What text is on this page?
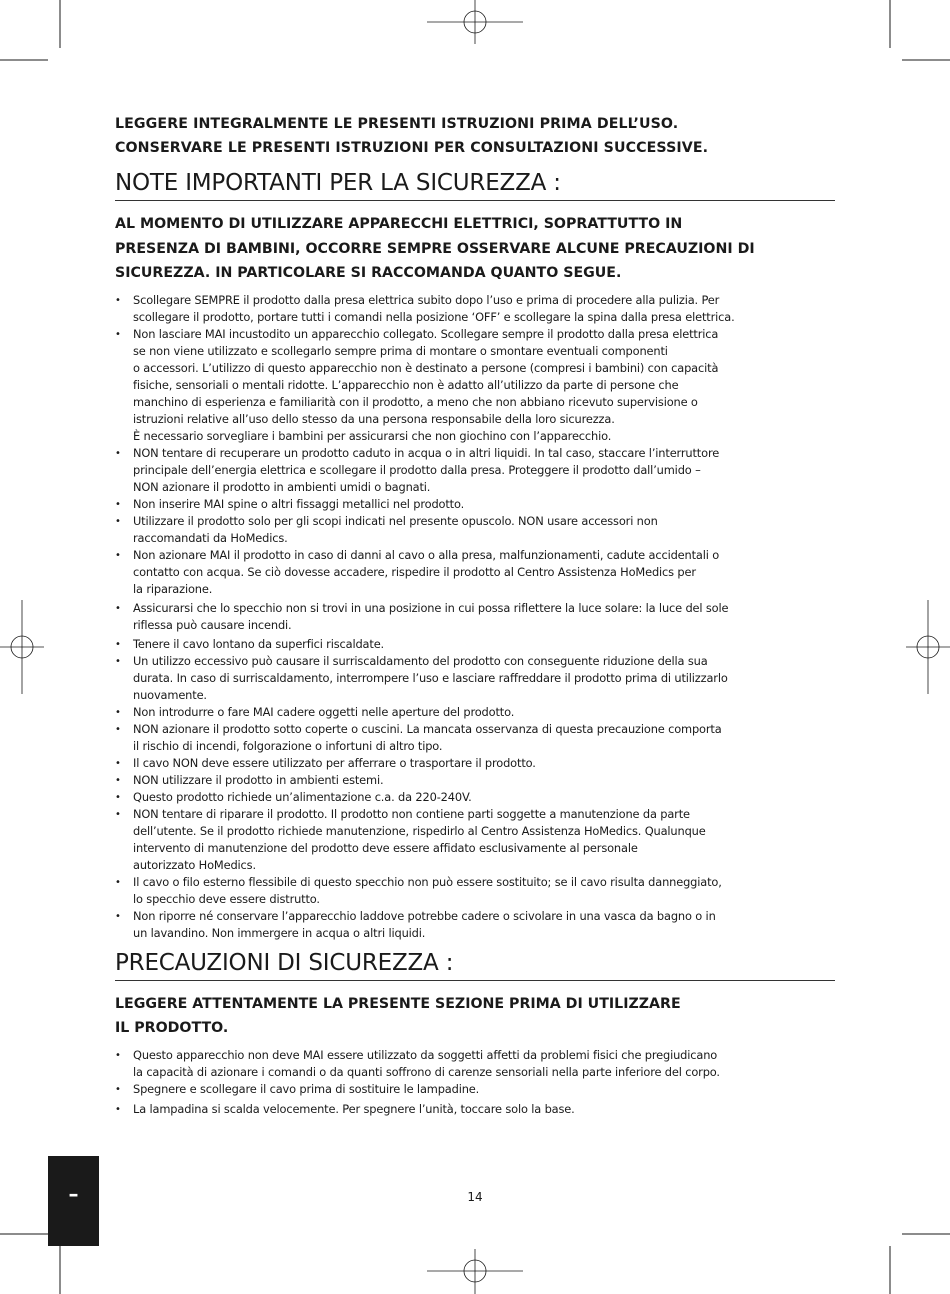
LEGGERE INTEGRALMENTE LE PRESENTI ISTRUZIONI PRIMA DELL’USO.
CONSERVARE LE PRESENTI ISTRUZIONI PER CONSULTAZIONI SUCCESSIVE.

NOTE IMPORTANTI PER LA SICUREZZA :
AL MOMENTO DI UTILIZZARE APPARECCHI ELETTRICI, SOPRATTUTTO IN
PRESENZA DI BAMBINI, OCCORRE SEMPRE OSSERVARE ALCUNE PRECAUZIONI DI
SICUREZZA. IN PARTICOLARE SI RACCOMANDA QUANTO SEGUE.
• Scollegare SEMPRE il prodotto dalla presa elettrica subito dopo l’uso e prima di procedere alla pulizia. Per
scollegare il prodotto, portare tutti i comandi nella posizione ‘OFF’ e scollegare la spina dalla presa elettrica.
• Non lasciare MAI incustodito un apparecchio collegato. Scollegare sempre il prodotto dalla presa elettrica
se non viene utilizzato e scollegarlo sempre prima di montare o smontare eventuali componenti
o accessori. L’utilizzo di questo apparecchio non è destinato a persone (compresi i bambini) con capacità
fisiche, sensoriali o mentali ridotte. L’apparecchio non è adatto all’utilizzo da parte di persone che
manchino di esperienza e familiarità con il prodotto, a meno che non abbiano ricevuto supervisione o
istruzioni relative all’uso dello stesso da una persona responsabile della loro sicurezza.
È necessario sorvegliare i bambini per assicurarsi che non giochino con l’apparecchio.
• NON tentare di recuperare un prodotto caduto in acqua o in altri liquidi. In tal caso, staccare l’interruttore
principale dell’energia elettrica e scollegare il prodotto dalla presa. Proteggere il prodotto dall’umido –
NON azionare il prodotto in ambienti umidi o bagnati.
• Non inserire MAI spine o altri fissaggi metallici nel prodotto.
• Utilizzare il prodotto solo per gli scopi indicati nel presente opuscolo. NON usare accessori non
raccomandati da HoMedics.
• Non azionare MAI il prodotto in caso di danni al cavo o alla presa, malfunzionamenti, cadute accidentali o
contatto con acqua. Se ciò dovesse accadere, rispedire il prodotto al Centro Assistenza HoMedics per
la riparazione.
• Assicurarsi che lo specchio non si trovi in una posizione in cui possa riflettere la luce solare: la luce del sole
riflessa può causare incendi.
• Tenere il cavo lontano da superfici riscaldate.
• Un utilizzo eccessivo può causare il surriscaldamento del prodotto con conseguente riduzione della sua
durata. In caso di surriscaldamento, interrompere l’uso e lasciare raffreddare il prodotto prima di utilizzarlo
nuovamente.
• Non introdurre o fare MAI cadere oggetti nelle aperture del prodotto.
• NON azionare il prodotto sotto coperte o cuscini. La mancata osservanza di questa precauzione comporta
il rischio di incendi, folgorazione o infortuni di altro tipo.
• Il cavo NON deve essere utilizzato per afferrare o trasportare il prodotto.
• NON utilizzare il prodotto in ambienti estemi.
• Questo prodotto richiede un’alimentazione c.a. da 220-240V.
• NON tentare di riparare il prodotto. Il prodotto non contiene parti soggette a manutenzione da parte
dell’utente. Se il prodotto richiede manutenzione, rispedirlo al Centro Assistenza HoMedics. Qualunque
intervento di manutenzione del prodotto deve essere affidato esclusivamente al personale
autorizzato HoMedics.
• Il cavo o filo esterno flessibile di questo specchio non può essere sostituito; se il cavo risulta danneggiato,
lo specchio deve essere distrutto.
• Non riporre né conservare l’apparecchio laddove potrebbe cadere o scivolare in una vasca da bagno o in
un lavandino. Non immergere in acqua o altri liquidi.
PRECAUZIONI DI SICUREZZA :
LEGGERE ATTENTAMENTE LA PRESENTE SEZIONE PRIMA DI UTILIZZARE
IL PRODOTTO.
• Questo apparecchio non deve MAI essere utilizzato da soggetti affetti da problemi fisici che pregiudicano
la capacità di azionare i comandi o da quanti soffrono di carenze sensoriali nella parte inferiore del corpo.
• Spegnere e scollegare il cavo prima di sostituire le lampadine.
• La lampadina si scalda velocemente. Per spegnere l’unità, toccare solo la base.
–	14
